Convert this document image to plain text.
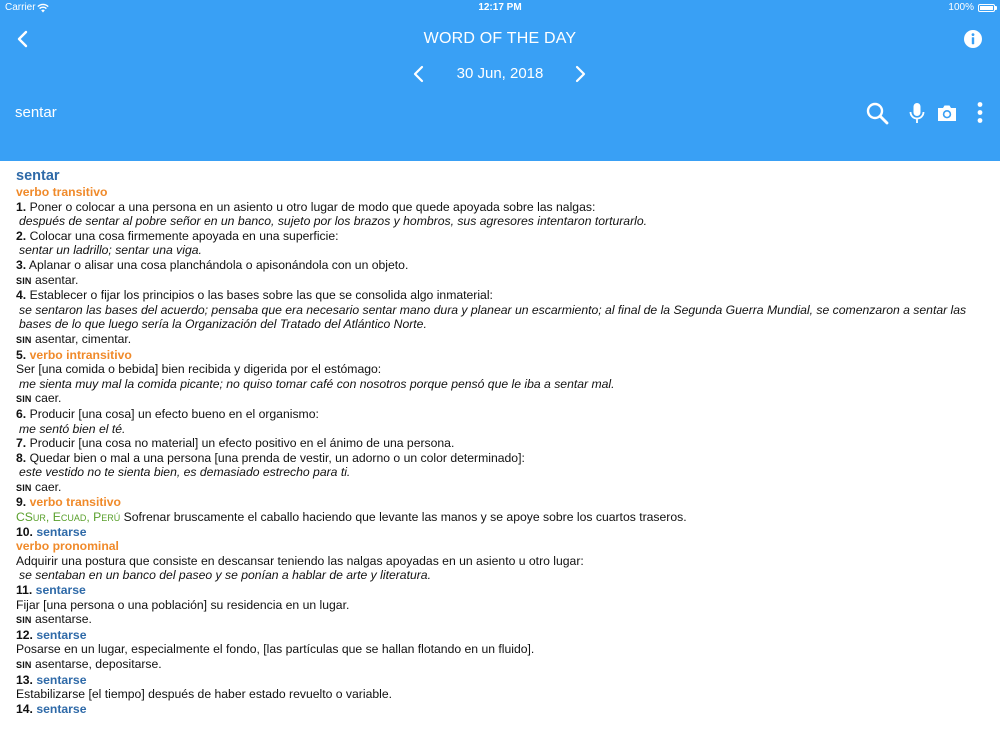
Carrier	12:17 PM	100%
WORD OF THE DAY
30 Jun, 2018
sentar
sentar
verbo transitivo
1. Poner o colocar a una persona en un asiento u otro lugar de modo que quede apoyada sobre las nalgas:
después de sentar al pobre señor en un banco, sujeto por los brazos y hombros, sus agresores intentaron torturarlo.
2. Colocar una cosa firmemente apoyada en una superficie:
sentar un ladrillo; sentar una viga.
3. Aplanar o alisar una cosa planchándola o apisonándola con un objeto.
SIN asentar.
4. Establecer o fijar los principios o las bases sobre las que se consolida algo inmaterial:
se sentaron las bases del acuerdo; pensaba que era necesario sentar mano dura y planear un escarmiento; al final de la Segunda Guerra Mundial, se comenzaron a sentar las bases de lo que luego sería la Organización del Tratado del Atlántico Norte.
SIN asentar, cimentar.
5. verbo intransitivo
Ser [una comida o bebida] bien recibida y digerida por el estómago:
me sienta muy mal la comida picante; no quiso tomar café con nosotros porque pensó que le iba a sentar mal.
SIN caer.
6. Producir [una cosa] un efecto bueno en el organismo:
me sentó bien el té.
7. Producir [una cosa no material] un efecto positivo en el ánimo de una persona.
8. Quedar bien o mal a una persona [una prenda de vestir, un adorno o un color determinado]:
este vestido no te sienta bien, es demasiado estrecho para ti.
SIN caer.
9. verbo transitivo
CSur, Ecuad, Perú Sofrenar bruscamente el caballo haciendo que levante las manos y se apoye sobre los cuartos traseros.
10. sentarse
verbo pronominal
Adquirir una postura que consiste en descansar teniendo las nalgas apoyadas en un asiento u otro lugar:
se sentaban en un banco del paseo y se ponían a hablar de arte y literatura.
11. sentarse
Fijar [una persona o una población] su residencia en un lugar.
SIN asentarse.
12. sentarse
Posarse en un lugar, especialmente el fondo, [las partículas que se hallan flotando en un fluido].
SIN asentarse, depositarse.
13. sentarse
Estabilizarse [el tiempo] después de haber estado revuelto o variable.
14. sentarse
